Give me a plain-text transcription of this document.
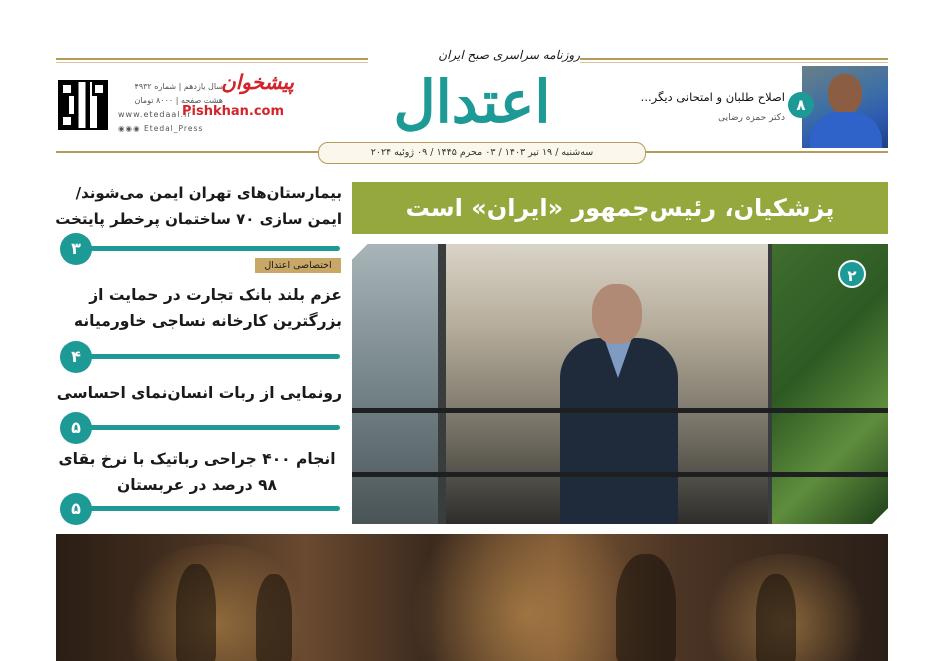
روزنامه سراسری صبح ایران
اعتدال
سه‌شنبه / ۱۹ تیر ۱۴۰۳ / ۰۳ محرم ۱۴۴۵ / ۰۹ ژوئیه ۲۰۲۴
۸
اصلاح طلبان و امتحانی دیگر...
دکتر حمزه رضایی
سال یازدهم | شماره ۴۹۳۲
هشت صفحه | ۸۰۰۰ تومان
www.etedaal.ir
◉◉◉ Etedal_Press
پیشخوان
Pishkhan.com
پزشکیان، رئیس‌جمهور «ایران» است
۲
بیمارستان‌های تهران ایمن می‌شوند/ ایمن سازی ۷۰ ساختمان پرخطر پایتخت
۳
اختصاصی اعتدال
عزم بلند بانک تجارت در حمایت از بزرگترین کارخانه نساجی خاورمیانه
۴
رونمایی از ربات انسان‌نمای احساسی
۵
انجام ۴۰۰ جراحی رباتیک با نرخ بقای ۹۸ درصد در عربستان
۵
